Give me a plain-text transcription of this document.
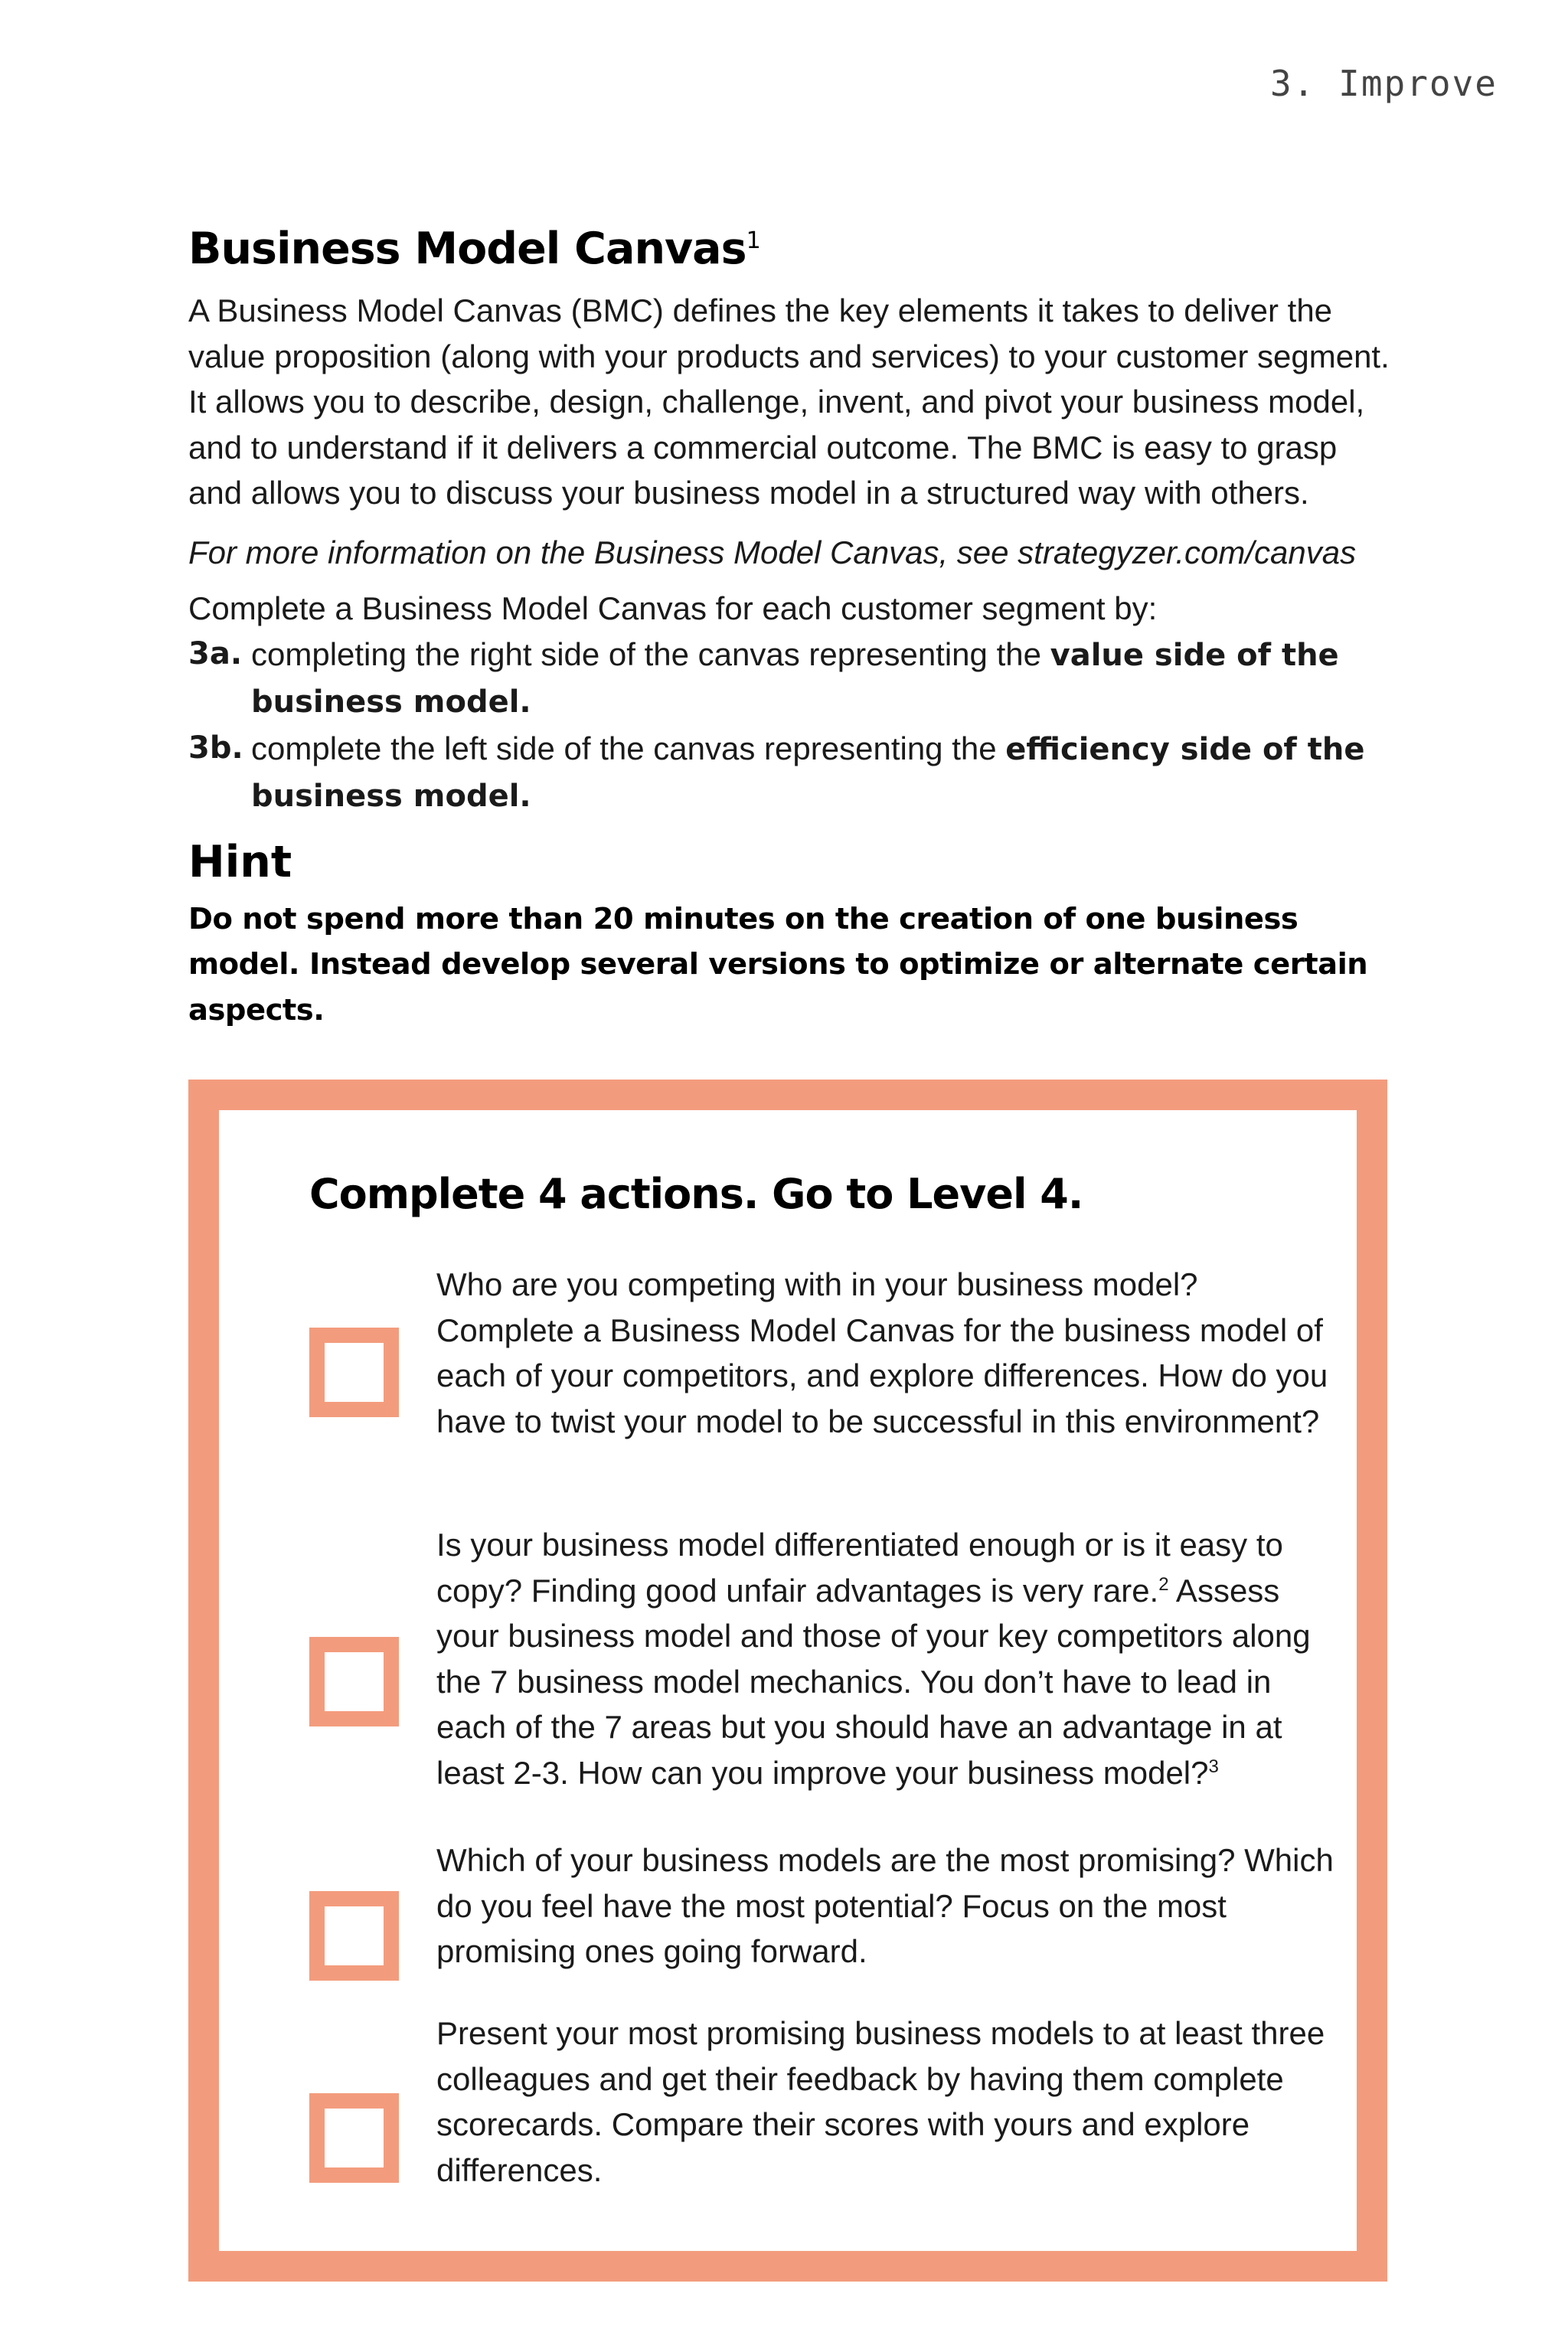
3. Improve
Business Model Canvas$^1$

A Business Model Canvas (BMC) defines the key elements it takes to deliver the value proposition (along with your products and services) to your customer segment. It allows you to describe, design, challenge, invent, and pivot your business model, and to understand if it delivers a commercial outcome. The BMC is easy to grasp and allows you to discuss your business model in a structured way with others.

For more information on the Business Model Canvas, see strategyzer.com/canvas

Complete a Business Model Canvas for each customer segment by:

3a. completing the right side of the canvas representing the value side of the business model.
3b. complete the left side of the canvas representing the efficiency side of the business model.
Hint

Do not spend more than 20 minutes on the creation of one business model. Instead develop several versions to optimize or alternate certain aspects.

Complete 4 actions. Go to Level 4.
Who are you competing with in your business model? Complete a Business Model Canvas for the business model of each of your competitors, and explore differences. How do you have to twist your model to be successful in this environment?
Is your business model differentiated enough or is it easy to copy? Finding good unfair advantages is very rare.$^2$ Assess your business model and those of your key competitors along the 7 business model mechanics. You don’t have to lead in each of the 7 areas but you should have an advantage in at least 2-3. How can you improve your business model?$^3$
Which of your business models are the most promising? Which do you feel have the most potential? Focus on the most promising ones going forward.
Present your most promising business models to at least three colleagues and get their feedback by having them complete scorecards. Compare their scores with yours and explore differences.
